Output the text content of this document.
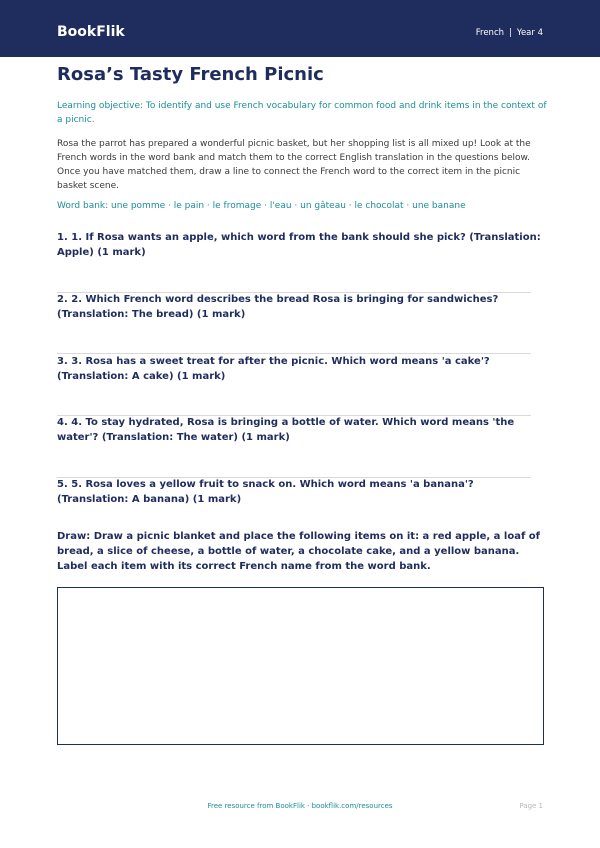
BookFlik	French | Year 4
Rosa’s Tasty French Picnic

Learning objective: To identify and use French vocabulary for common food and drink items in the context of a picnic.

Rosa the parrot has prepared a wonderful picnic basket, but her shopping list is all mixed up! Look at the French words in the word bank and match them to the correct English translation in the questions below. Once you have matched them, draw a line to connect the French word to the correct item in the picnic basket scene.

Word bank: une pomme · le pain · le fromage · l'eau · un gâteau · le chocolat · une banane

1. 1. If Rosa wants an apple, which word from the bank should she pick? (Translation: Apple) (1 mark)

2. 2. Which French word describes the bread Rosa is bringing for sandwiches? (Translation: The bread) (1 mark)

3. 3. Rosa has a sweet treat for after the picnic. Which word means 'a cake'? (Translation: A cake) (1 mark)

4. 4. To stay hydrated, Rosa is bringing a bottle of water. Which word means 'the water'? (Translation: The water) (1 mark)

5. 5. Rosa loves a yellow fruit to snack on. Which word means 'a banana'? (Translation: A banana) (1 mark)

Draw: Draw a picnic blanket and place the following items on it: a red apple, a loaf of bread, a slice of cheese, a bottle of water, a chocolate cake, and a yellow banana. Label each item with its correct French name from the word bank.

Free resource from BookFlik · bookflik.com/resources	Page 1
